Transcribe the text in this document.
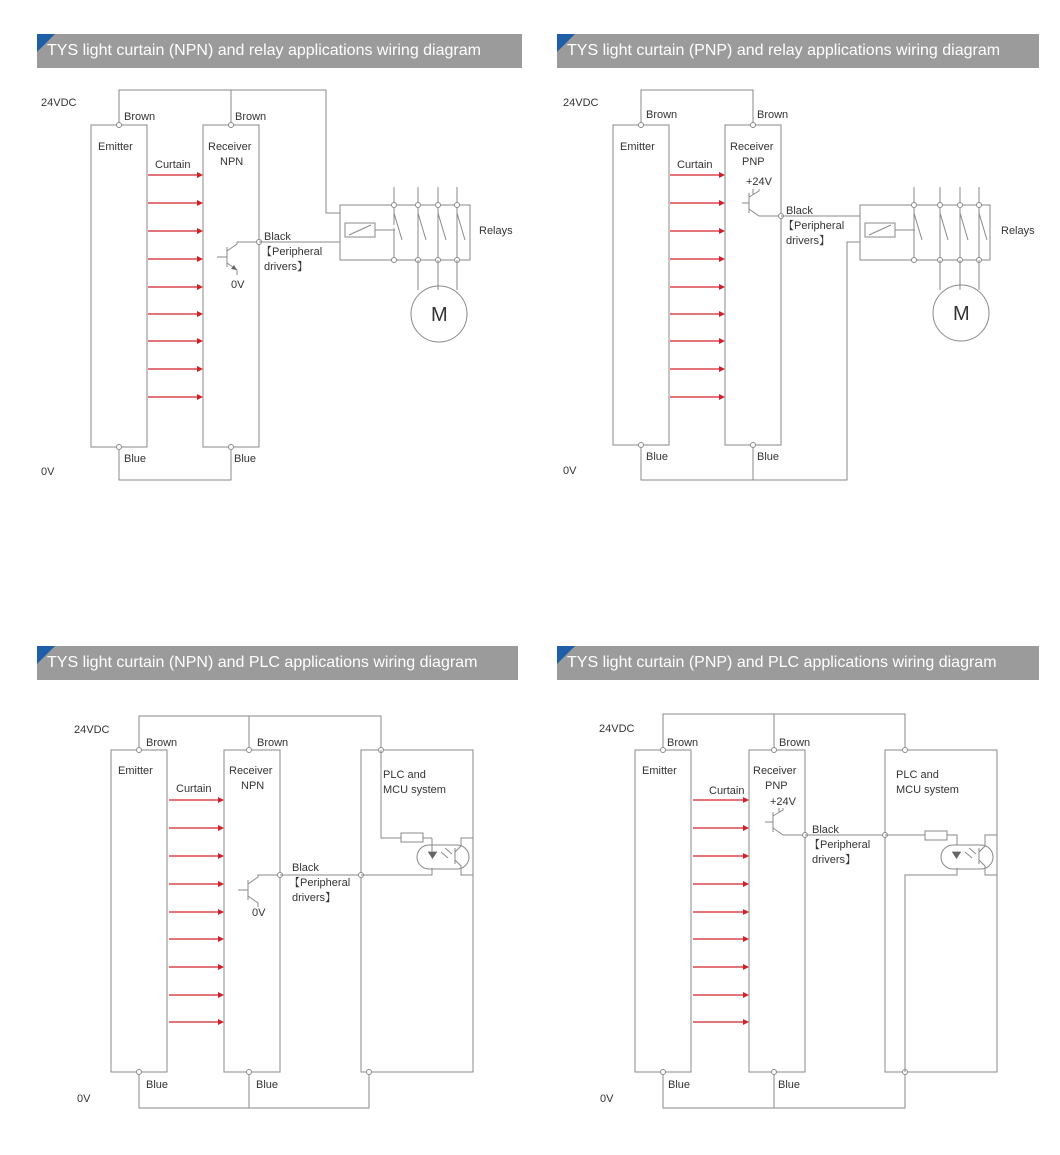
TYS light curtain (NPN) and relay applications wiring diagram
24VDC
0V
Brown
Emitter
Blue
Brown
Receiver
NPN
Blue
Curtain
0V
Black
【Peripheral
drivers】
Relays
M
TYS light curtain (PNP) and relay applications wiring diagram
24VDC
0V
Brown
Emitter
Blue
Brown
Receiver
PNP
Blue
Curtain
+24V
Black
【Peripheral
drivers】
Relays
M
TYS light curtain (NPN) and PLC applications wiring diagram
24VDC
0V
Brown
Emitter
Blue
Brown
Receiver
NPN
Blue
Curtain
0V
Black
【Peripheral
drivers】
PLC and
MCU system
TYS light curtain (PNP) and PLC applications wiring diagram
24VDC
0V
Brown
Emitter
Blue
Brown
Receiver
PNP
Blue
Curtain
+24V
Black
【Peripheral
drivers】
PLC and
MCU system
